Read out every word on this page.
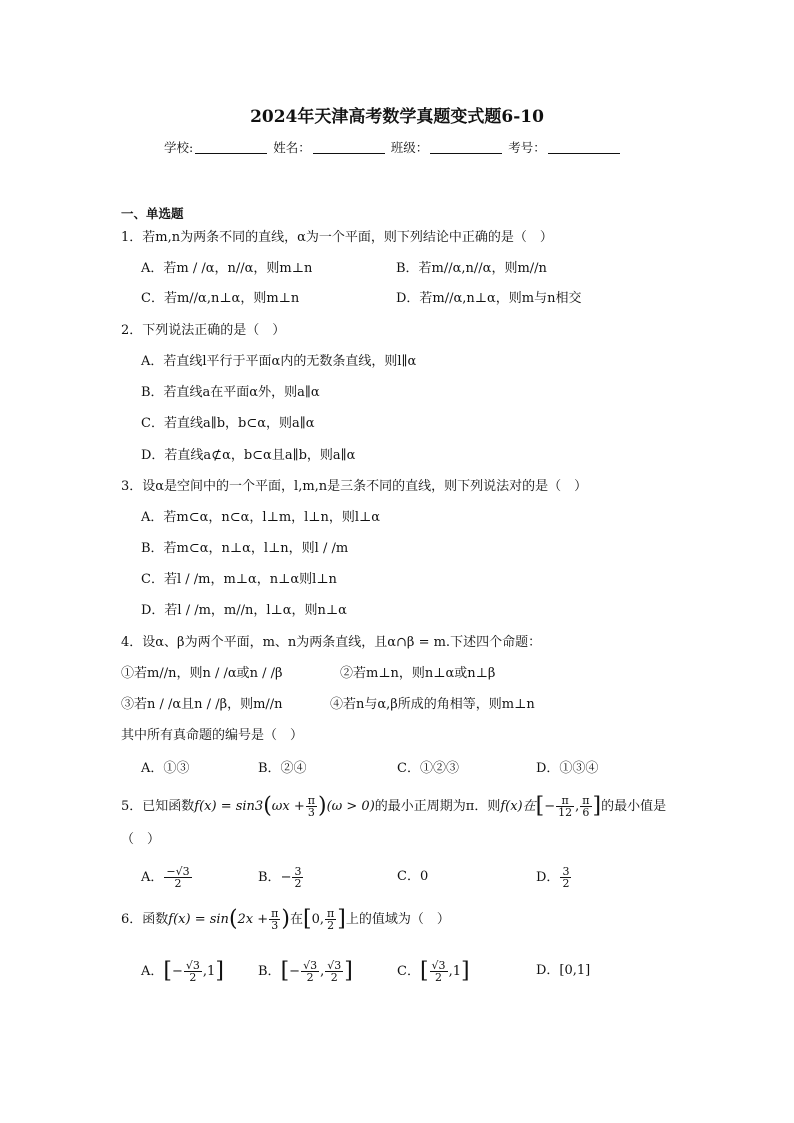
2024年天津高考数学真题变式题6-10
学校:	姓名：	班级：	考号：
一、单选题
1．若m,n为两条不同的直线，α为一个平面，则下列结论中正确的是（　）
A．若m / /α，n//α，则m⊥n	B．若m//α,n//α，则m//n
C．若m//α,n⊥α，则m⊥n	D．若m//α,n⊥α，则m与n相交
2．下列说法正确的是（　）
A．若直线l平行于平面α内的无数条直线，则l∥α
B．若直线a在平面α外，则a∥α
C．若直线a∥b，b⊂α，则a∥α
D．若直线a⊄α，b⊂α且a∥b，则a∥α
3．设α是空间中的一个平面，l,m,n是三条不同的直线，则下列说法对的是（　）
A．若m⊂α，n⊂α，l⊥m，l⊥n，则l⊥α
B．若m⊂α，n⊥α，l⊥n，则l / /m
C．若l / /m，m⊥α，n⊥α则l⊥n
D．若l / /m，m//n，l⊥α，则n⊥α
4．设α、β为两个平面，m、n为两条直线，且α∩β = m.下述四个命题：
①若m//n，则n / /α或n / /β	②若m⊥n，则n⊥α或n⊥β
③若n / /α且n / /β，则m//n	④若n与α,β所成的角相等，则m⊥n
其中所有真命题的编号是（　）
A．①③	B．②④	C．①②③	D．①③④
5．已知函数$f(x) = \sin 3(\omega x + \frac{\pi}{3} )(\omega > 0)$的最小正周期为π．则f(x)在[− $\frac{\pi}{12}$ , $\frac{\pi}{6}$ ]的最小值是
（　）
A． $\frac{-√3}{2}$	B．− $\frac{3}{2}$	C．0	D． $\frac{3}{2}$
6．函数$f(x) = \sin(2x + \frac{\pi}{3}$ )在[0, $\frac{\pi}{2}$ ]上的值域为（　）
A．[− $\frac{√3}{2} ,1$]	B．[− $\frac{√3}{2}$ , $\frac{√3}{2}$ ]	C．[ $\frac{√3}{2} ,1$]	D．[0,1]
